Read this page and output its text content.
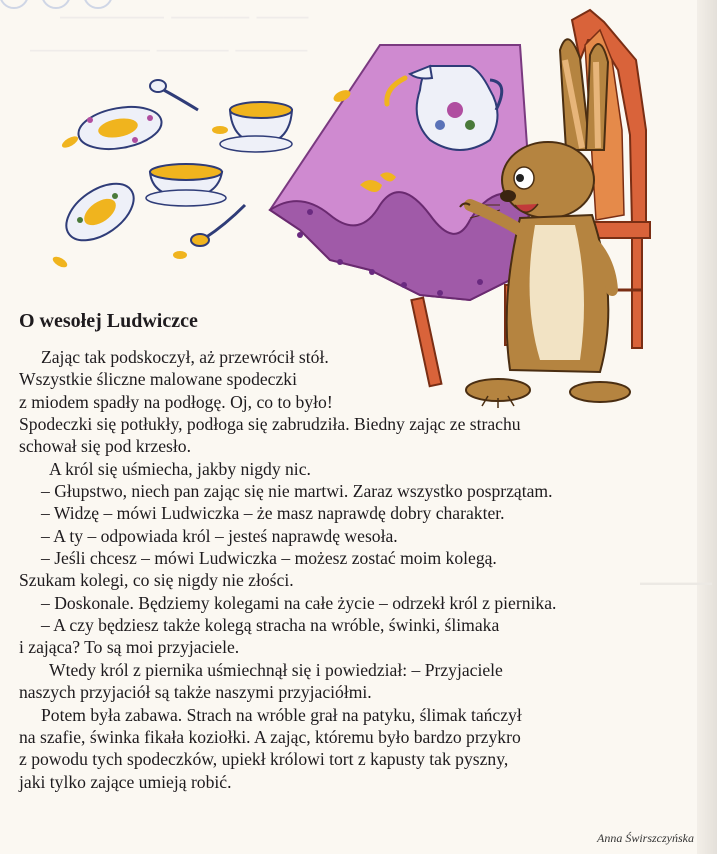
———— ——— ——
————— ——— ———
——
O wesołej Ludwiczce
Zając tak podskoczył, aż przewrócił stół.
Wszystkie śliczne malowane spodeczki
z miodem spadły na podłogę. Oj, co to było!
Spodeczki się potłukły, podłoga się zabrudziła. Biedny zając ze strachu
schował się pod krzesło.
A król się uśmiecha, jakby nigdy nic.
– Głupstwo, niech pan zając się nie martwi. Zaraz wszystko posprzątam.
– Widzę – mówi Ludwiczka – że masz naprawdę dobry charakter.
– A ty – odpowiada król – jesteś naprawdę wesoła.
– Jeśli chcesz – mówi Ludwiczka – możesz zostać moim kolegą.
Szukam kolegi, co się nigdy nie złości.
– Doskonale. Będziemy kolegami na całe życie – odrzekł król z piernika.
– A czy będziesz także kolegą stracha na wróble, świnki, ślimaka
i zająca? To są moi przyjaciele.
Wtedy król z piernika uśmiechnął się i powiedział: – Przyjaciele
naszych przyjaciół są także naszymi przyjaciółmi.
Potem była zabawa. Strach na wróble grał na patyku, ślimak tańczył
na szafie, świnka fikała koziołki. A zając, któremu było bardzo przykro
z powodu tych spodeczków, upiekł królowi tort z kapusty tak pyszny,
jaki tylko zające umieją robić.
Anna Świrszczyńska
